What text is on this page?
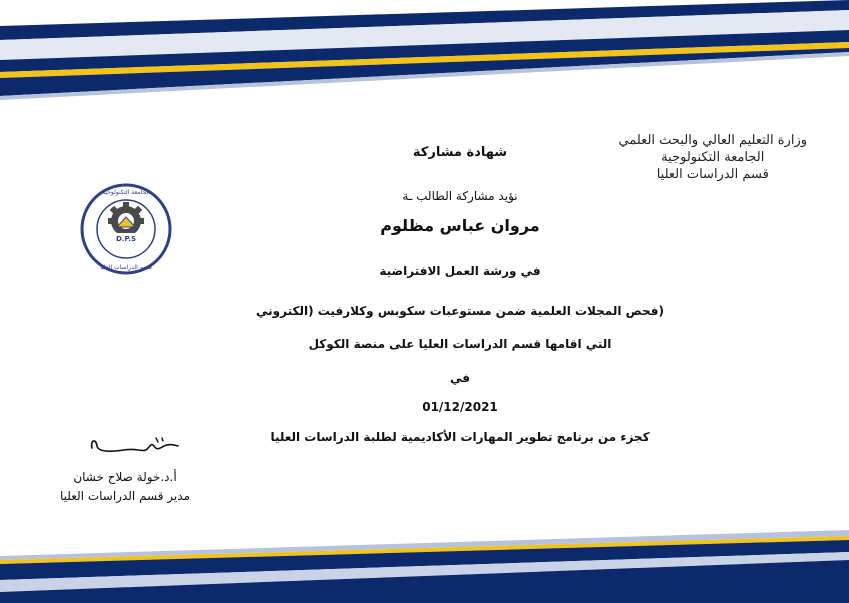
وزارة التعليم العالي والبحث العلمي
الجامعة التكنولوجية
قسم الدراسات العليا
شهادة مشاركة
نؤيد مشاركة الطالب ـة
مروان عباس مظلوم
في ورشة العمل الافتراضية
(فحص المجلات العلمية ضمن مستوعبات سكوبس وكلارفيت (الكتروني
التي اقامها قسم الدراسات العليا على منصة الكوكل
في
01/12/2021
كجزء من برنامج تطوير المهارات الأكاديمية لطلبة الدراسات العليا
D.P.S
الجامعة التكنولوجية
قسم الدراسات العليا
أ.د.خولة صلاح خشان
مدير قسم الدراسات العليا
